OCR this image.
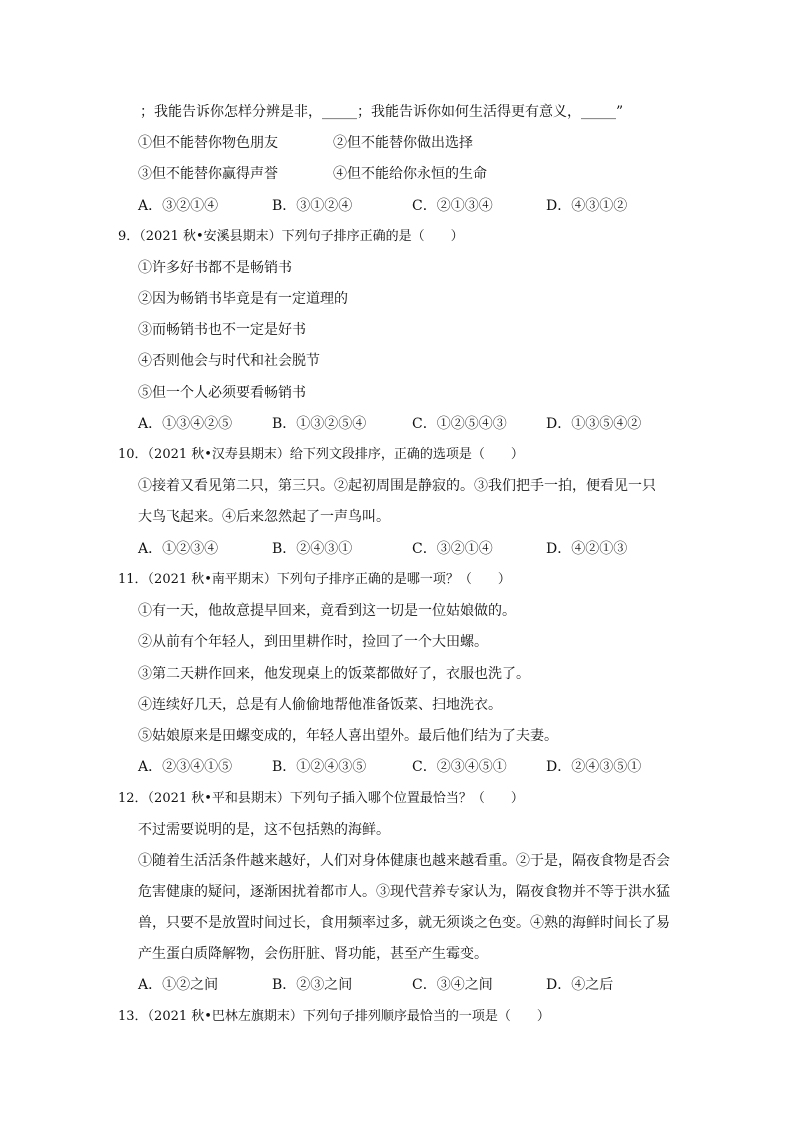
；我能告诉你怎样分辨是非，_____；我能告诉你如何生活得更有意义，_____”
①但不能替你物色朋友	②但不能替你做出选择
③但不能替你赢得声誉	④但不能给你永恒的生命
A．③②①④	B．③①②④	C．②①③④	D．④③①②
9．（2021 秋•安溪县期末）下列句子排序正确的是（　　）
①许多好书都不是畅销书
②因为畅销书毕竟是有一定道理的
③而畅销书也不一定是好书
④否则他会与时代和社会脱节
⑤但一个人必须要看畅销书
A．①③④②⑤	B．①③②⑤④	C．①②⑤④③	D．①③⑤④②
10．（2021 秋•汉寿县期末）给下列文段排序，正确的选项是（　　）
①接着又看见第二只，第三只。②起初周围是静寂的。③我们把手一拍，便看见一只
大鸟飞起来。④后来忽然起了一声鸟叫。
A．①②③④	B．②④③①	C．③②①④	D．④②①③
11．（2021 秋•南平期末）下列句子排序正确的是哪一项？（　　）
①有一天，他故意提早回来，竟看到这一切是一位姑娘做的。
②从前有个年轻人，到田里耕作时，捡回了一个大田螺。
③第二天耕作回来，他发现桌上的饭菜都做好了，衣服也洗了。
④连续好几天，总是有人偷偷地帮他准备饭菜、扫地洗衣。
⑤姑娘原来是田螺变成的，年轻人喜出望外。最后他们结为了夫妻。
A．②③④①⑤	B．①②④③⑤	C．②③④⑤①	D．②④③⑤①
12．（2021 秋•平和县期末）下列句子插入哪个位置最恰当？（　　）
不过需要说明的是，这不包括熟的海鲜。
①随着生活活条件越来越好，人们对身体健康也越来越看重。②于是，隔夜食物是否会
危害健康的疑问，逐渐困扰着都市人。③现代营养专家认为，隔夜食物并不等于洪水猛
兽，只要不是放置时间过长，食用频率过多，就无须谈之色变。④熟的海鲜时间长了易
产生蛋白质降解物，会伤肝脏、肾功能，甚至产生霉变。
A．①②之间	B．②③之间	C．③④之间	D．④之后
13．（2021 秋•巴林左旗期末）下列句子排列顺序最恰当的一项是（　　）
